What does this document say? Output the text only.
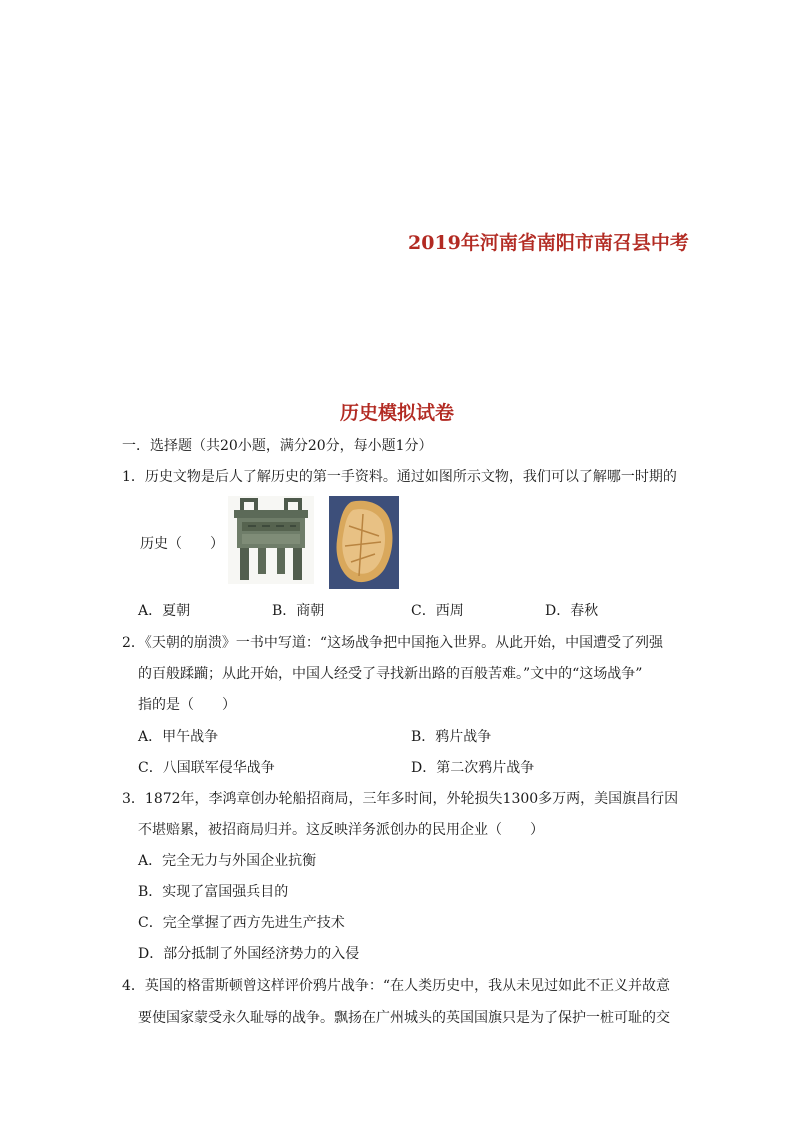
2019年河南省南阳市南召县中考
历史模拟试卷
一．选择题（共20小题，满分20分，每小题1分）
1．历史文物是后人了解历史的第一手资料。通过如图所示文物，我们可以了解哪一时期的
历史（　　）
A．夏朝	B．商朝	C．西周	D．春秋
2．《天朝的崩溃》一书中写道：“这场战争把中国拖入世界。从此开始，中国遭受了列强
的百般蹂躏；从此开始，中国人经受了寻找新出路的百般苦难。”文中的“这场战争”
指的是（　　）
A．甲午战争	B．鸦片战争
C．八国联军侵华战争	D．第二次鸦片战争
3．1872年，李鸿章创办轮船招商局，三年多时间，外轮损失1300多万两，美国旗昌行因
不堪赔累，被招商局归并。这反映洋务派创办的民用企业（　　）
A．完全无力与外国企业抗衡
B．实现了富国强兵目的
C．完全掌握了西方先进生产技术
D．部分抵制了外国经济势力的入侵
4．英国的格雷斯顿曾这样评价鸦片战争：“在人类历史中，我从未见过如此不正义并故意
要使国家蒙受永久耻辱的战争。飘扬在广州城头的英国国旗只是为了保护一桩可耻的交
